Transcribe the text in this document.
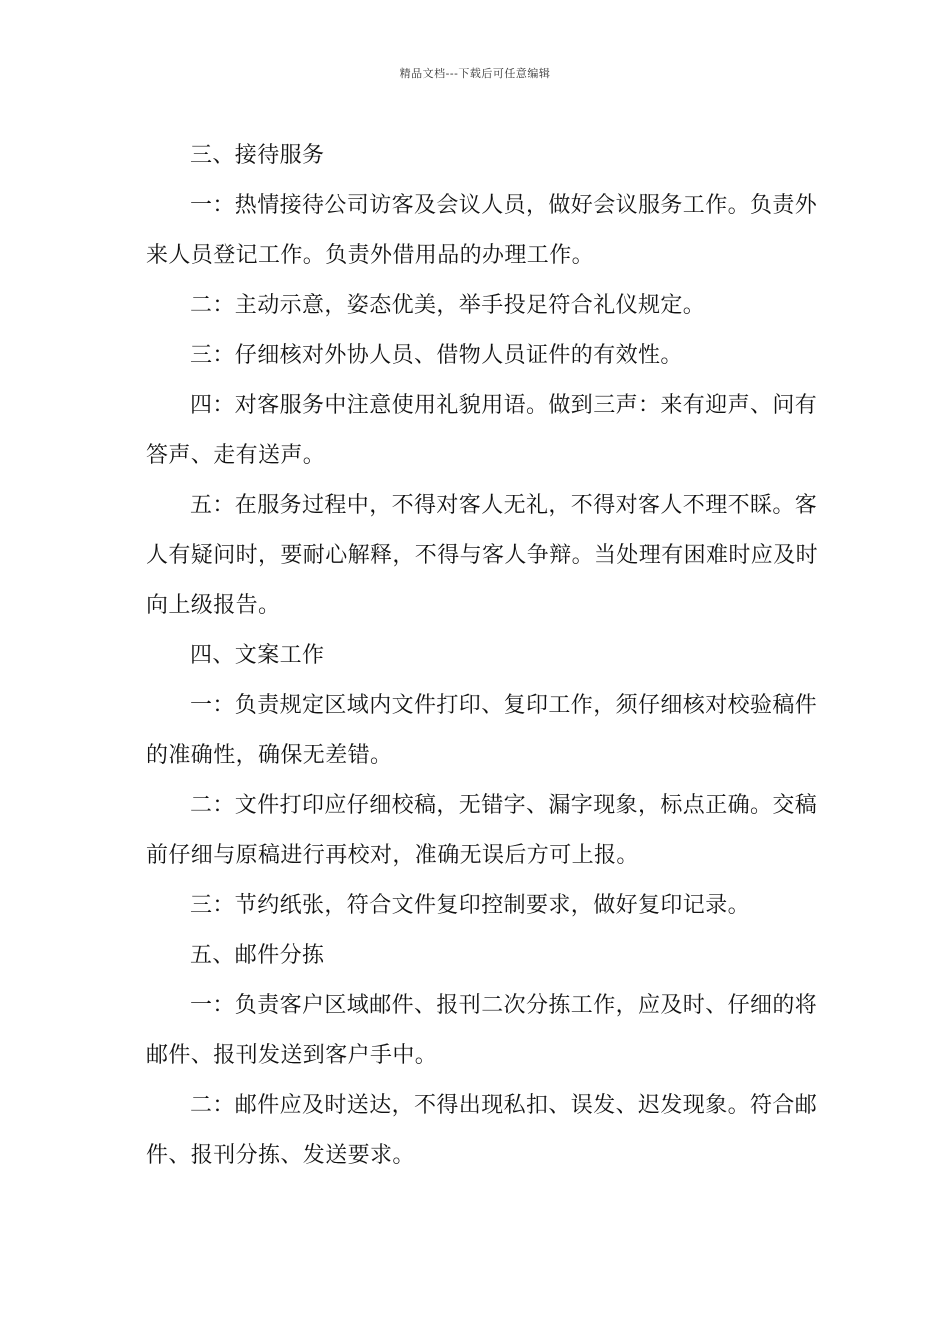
精品文档---下载后可任意编辑

三、接待服务

一：热情接待公司访客及会议人员，做好会议服务工作。负责外来人员登记工作。负责外借用品的办理工作。

二：主动示意，姿态优美，举手投足符合礼仪规定。

三：仔细核对外协人员、借物人员证件的有效性。

四：对客服务中注意使用礼貌用语。做到三声：来有迎声、问有答声、走有送声。

五：在服务过程中，不得对客人无礼，不得对客人不理不睬。客人有疑问时，要耐心解释，不得与客人争辩。当处理有困难时应及时向上级报告。

四、文案工作

一：负责规定区域内文件打印、复印工作，须仔细核对校验稿件的准确性，确保无差错。

二：文件打印应仔细校稿，无错字、漏字现象，标点正确。交稿前仔细与原稿进行再校对，准确无误后方可上报。

三：节约纸张，符合文件复印控制要求，做好复印记录。

五、邮件分拣

一：负责客户区域邮件、报刊二次分拣工作，应及时、仔细的将邮件、报刊发送到客户手中。

二：邮件应及时送达，不得出现私扣、误发、迟发现象。符合邮件、报刊分拣、发送要求。
